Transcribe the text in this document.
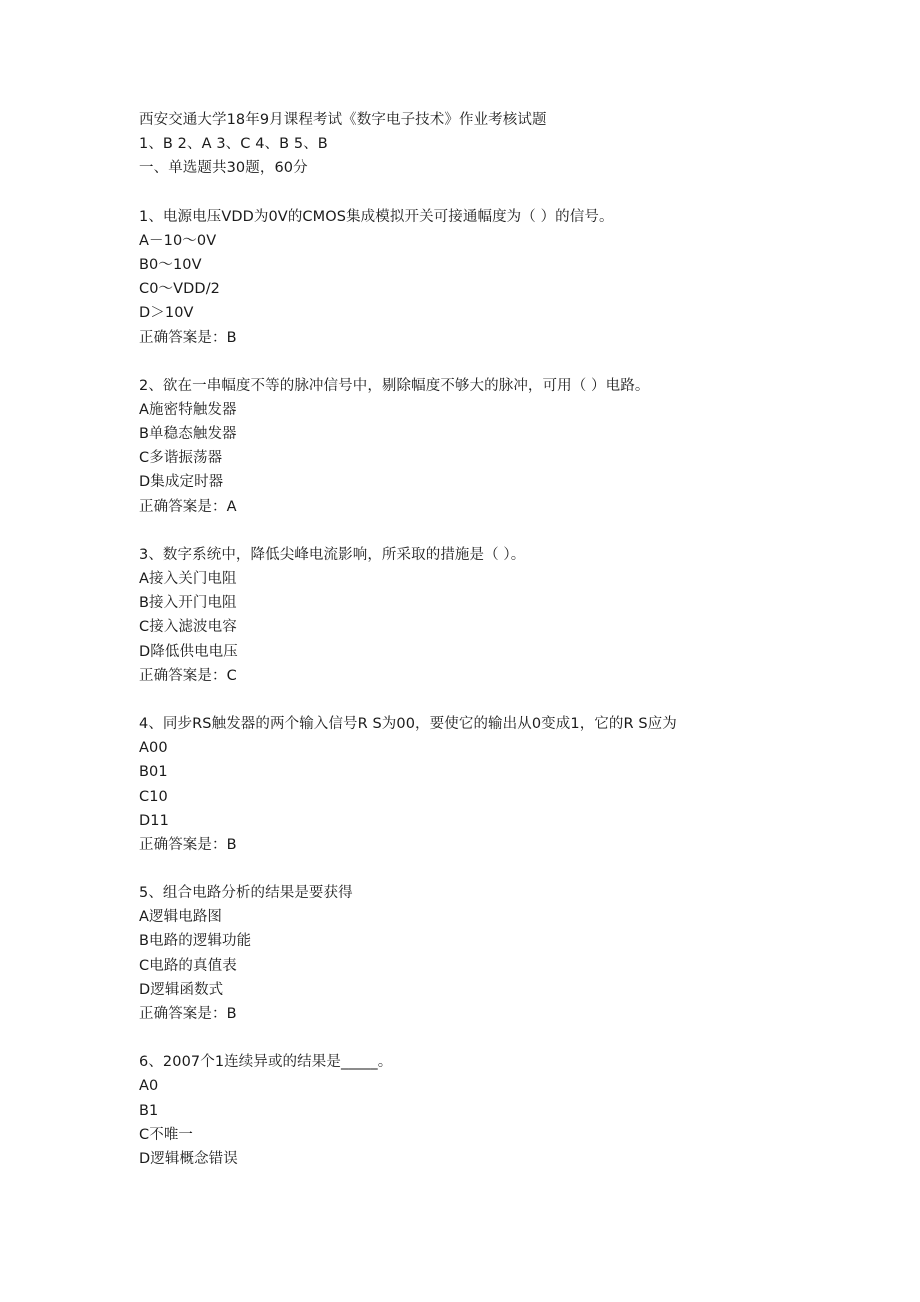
西安交通大学18年9月课程考试《数字电子技术》作业考核试题
1、B 2、A 3、C 4、B 5、B
一、单选题共30题，60分
1、电源电压VDD为0V的CMOS集成模拟开关可接通幅度为（ ）的信号。
A－10～0V
B0～10V
C0～VDD/2
D＞10V
正确答案是：B
2、欲在一串幅度不等的脉冲信号中，剔除幅度不够大的脉冲，可用（ ）电路。
A施密特触发器
B单稳态触发器
C多谐振荡器
D集成定时器
正确答案是：A
3、数字系统中，降低尖峰电流影响，所采取的措施是（ ）。
A接入关门电阻
B接入开门电阻
C接入滤波电容
D降低供电电压
正确答案是：C
4、同步RS触发器的两个输入信号R S为00，要使它的输出从0变成1，它的R S应为
A00
B01
C10
D11
正确答案是：B
5、组合电路分析的结果是要获得
A逻辑电路图
B电路的逻辑功能
C电路的真值表
D逻辑函数式
正确答案是：B
6、2007个1连续异或的结果是_____。
A0
B1
C不唯一
D逻辑概念错误
